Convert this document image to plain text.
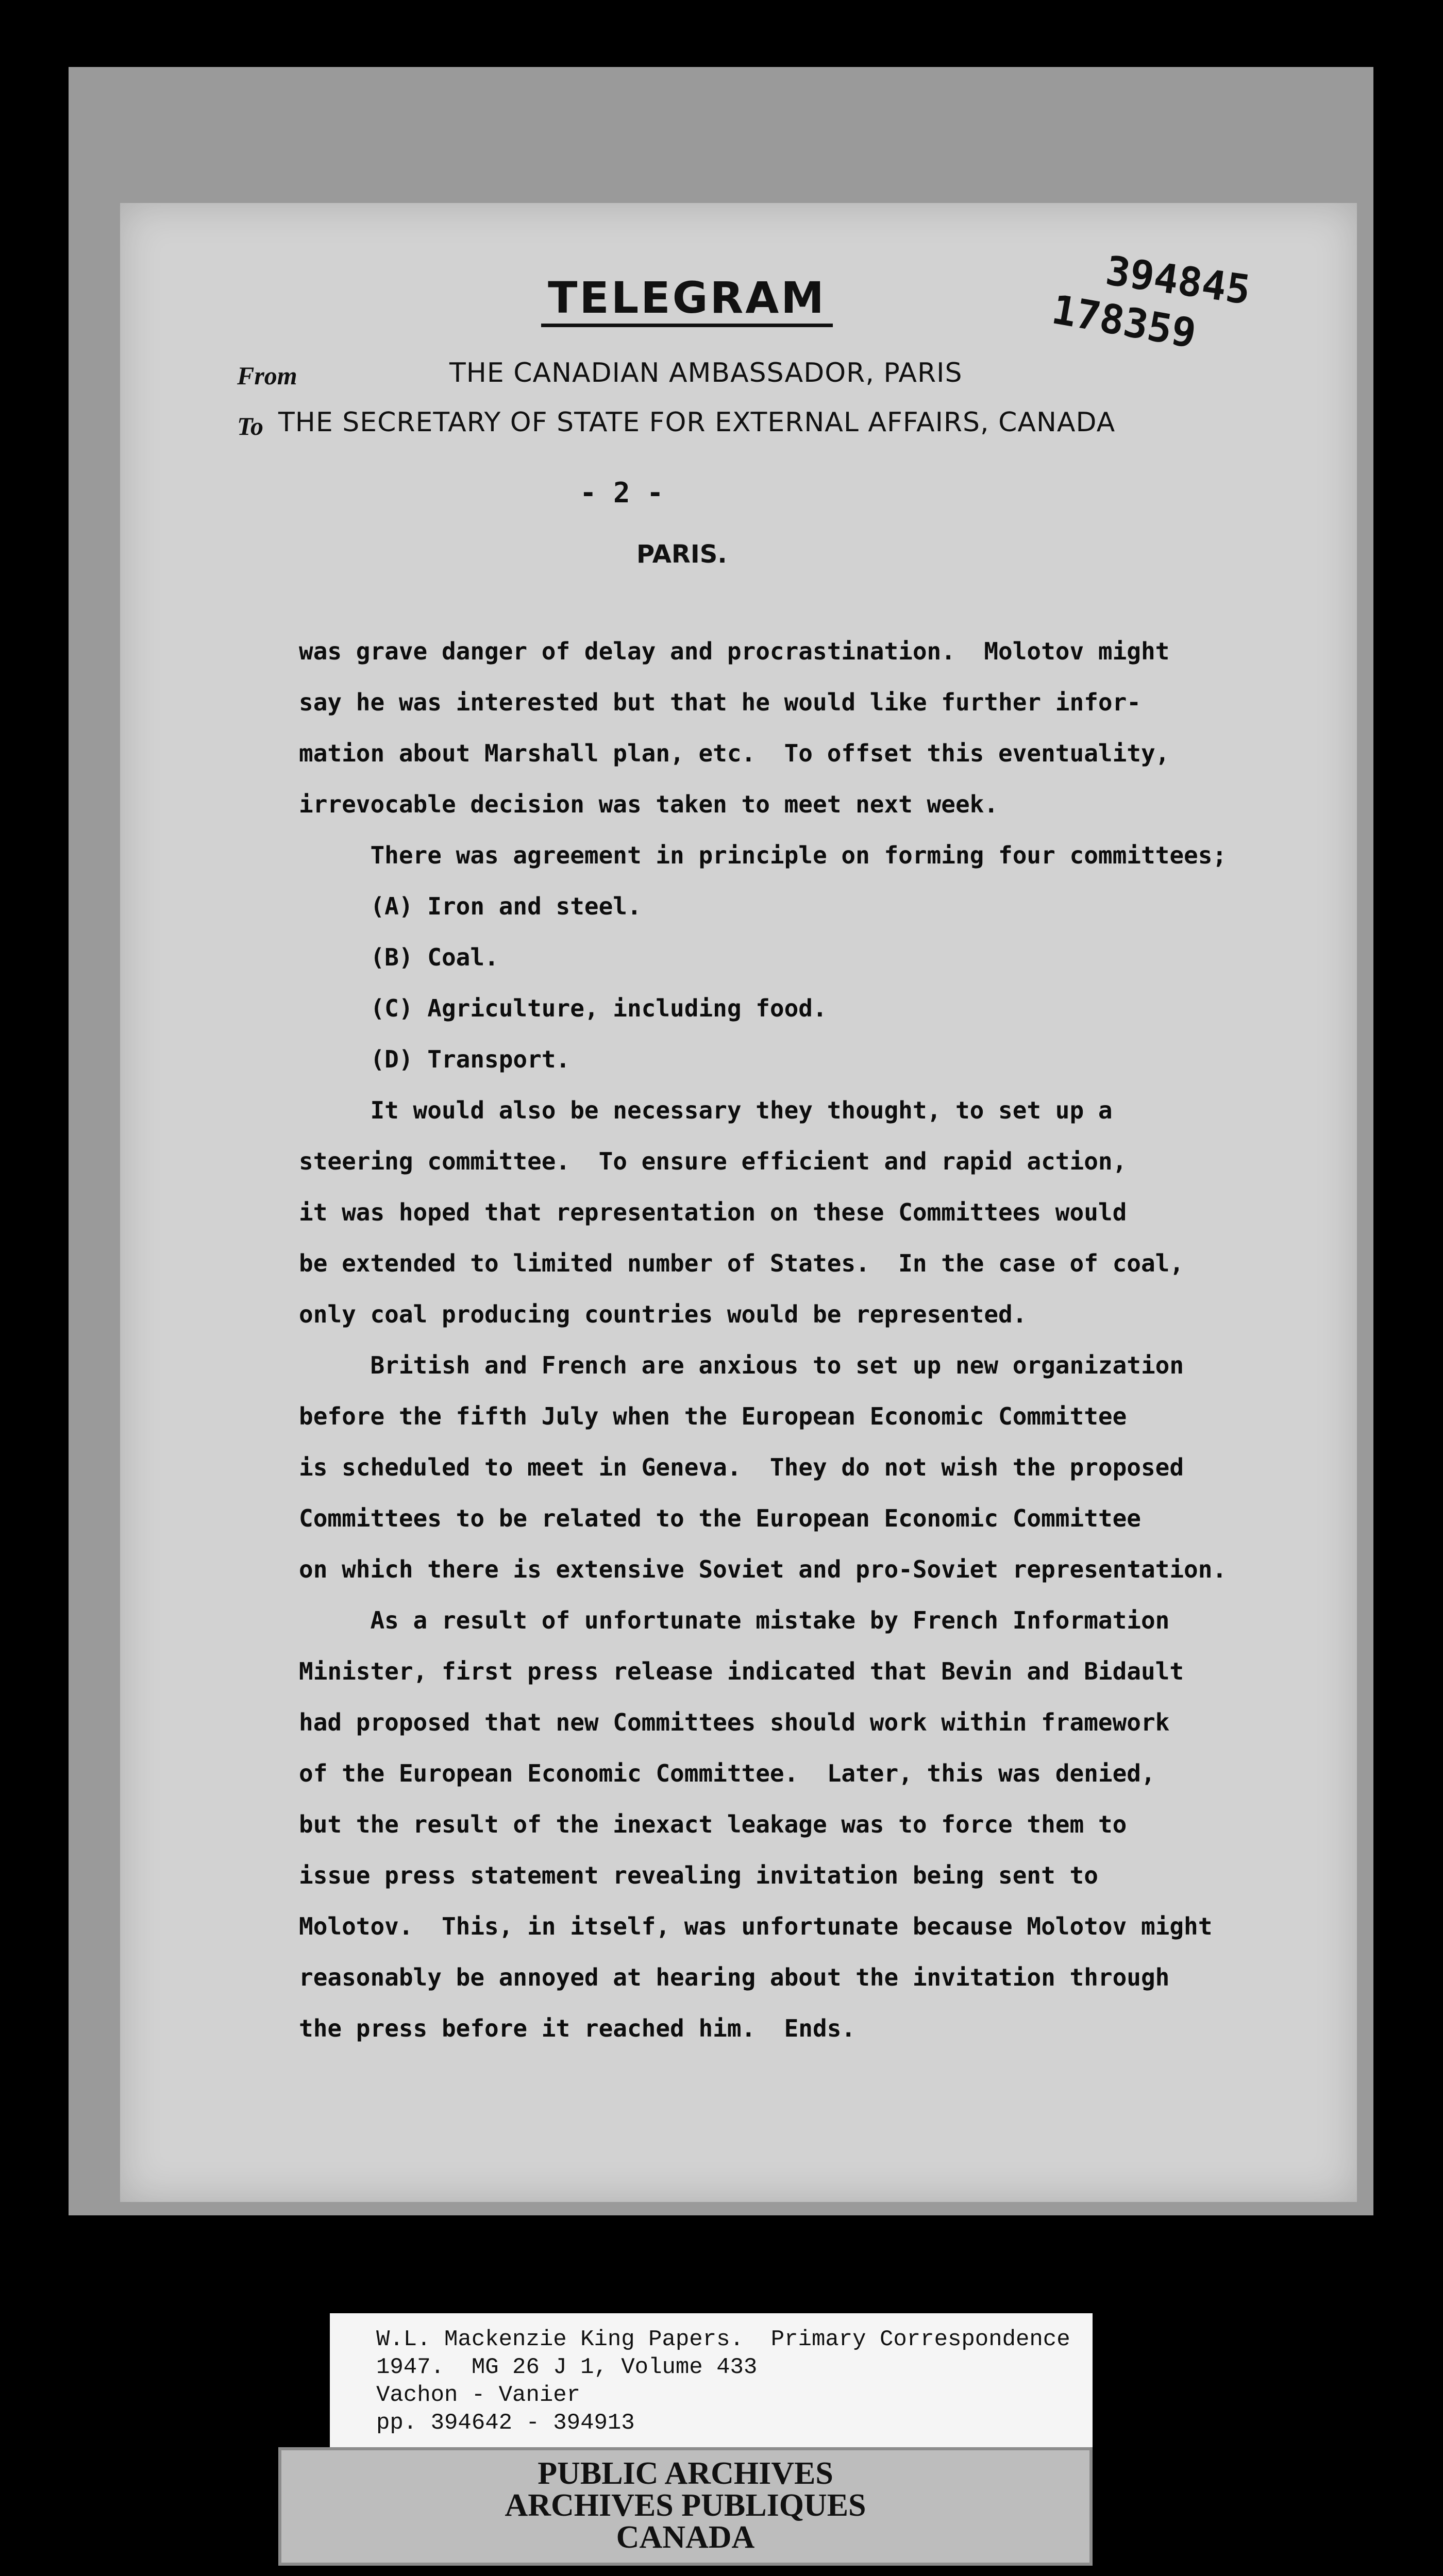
TELEGRAM	394845
178359
From	THE CANADIAN AMBASSADOR, PARIS
To THE SECRETARY OF STATE FOR EXTERNAL AFFAIRS, CANADA
- 2 -
PARIS.
was grave danger of delay and procrastination.  Molotov might
say he was interested but that he would like further infor-
mation about Marshall plan, etc.  To offset this eventuality,
irrevocable decision was taken to meet next week.
There was agreement in principle on forming four committees;
(A) Iron and steel.
(B) Coal.
(C) Agriculture, including food.
(D) Transport.
It would also be necessary they thought, to set up a
steering committee.  To ensure efficient and rapid action,
it was hoped that representation on these Committees would
be extended to limited number of States.  In the case of coal,
only coal producing countries would be represented.
British and French are anxious to set up new organization
before the fifth July when the European Economic Committee
is scheduled to meet in Geneva.  They do not wish the proposed
Committees to be related to the European Economic Committee
on which there is extensive Soviet and pro-Soviet representation.
As a result of unfortunate mistake by French Information
Minister, first press release indicated that Bevin and Bidault
had proposed that new Committees should work within framework
of the European Economic Committee.  Later, this was denied,
but the result of the inexact leakage was to force them to
issue press statement revealing invitation being sent to
Molotov.  This, in itself, was unfortunate because Molotov might
reasonably be annoyed at hearing about the invitation through
the press before it reached him.  Ends.
W.L. Mackenzie King Papers.  Primary Correspondence
1947.  MG 26 J 1, Volume 433
Vachon - Vanier
pp. 394642 - 394913
PUBLIC ARCHIVES
ARCHIVES PUBLIQUES
CANADA
